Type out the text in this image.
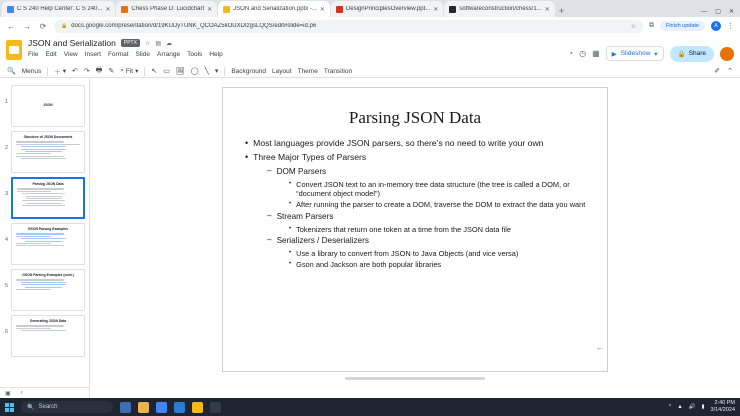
C S 240 Help Center: C S 240... ✕	Chess Phase D: Lucidchart ✕	JSON and Serialization.pptx -... ✕	DesignPrinciplesOverview.ppt... ✕	softwareconstruction/chess/1... ✕ +	— ▢ ✕
← → ⟳	🔒 docs.google.com/presentation/d/19KUDyTUNK_QCOAZ5kOUXDIzgsLQQS/edit#slide=id.p6	☆ ⧉	Finish update	A	⋮
JSON and Serialization	PPTX	☆ ▤ ☁
File Edit View Insert Format Slide Arrange Tools Help	◔ ◷ ▦ ▶ Slideshow ▾	🔒 Share
🔍 Menus ＋ ▾ ↶ ↷ 🖶 ✎ ⌕ Fit ▾ ↖ ▭ 🖼 ◯ ╲ ▾ Background Layout Theme Transition	✐ ⌃
1	JSON
2
Structure of JSON Documents
3
Parsing JSON Data
4
GSON Parsing Examples
5
GSON Parsing Examples (cont.)
6
Generating JSON Data
▣ ‹
Parsing JSON Data
• Most languages provide JSON parsers, so there’s no need to write your own
• Three Major Types of Parsers
– DOM Parsers
• Convert JSON text to an in-memory tree data structure (the tree is called a DOM, or “document object model”)
• After running the parser to create a DOM, traverse the DOM to extract the data you want
– Stream Parsers
• Tokenizers that return one token at a time from the JSON data file
– Serializers / Deserializers
• Use a library to convert from JSON to Java Objects (and vice versa)
• Gson and Jackson are both popular libraries
⌐
🔍 Search	^ ▲ 🔊 ▮
2:40 PM
3/14/2024
